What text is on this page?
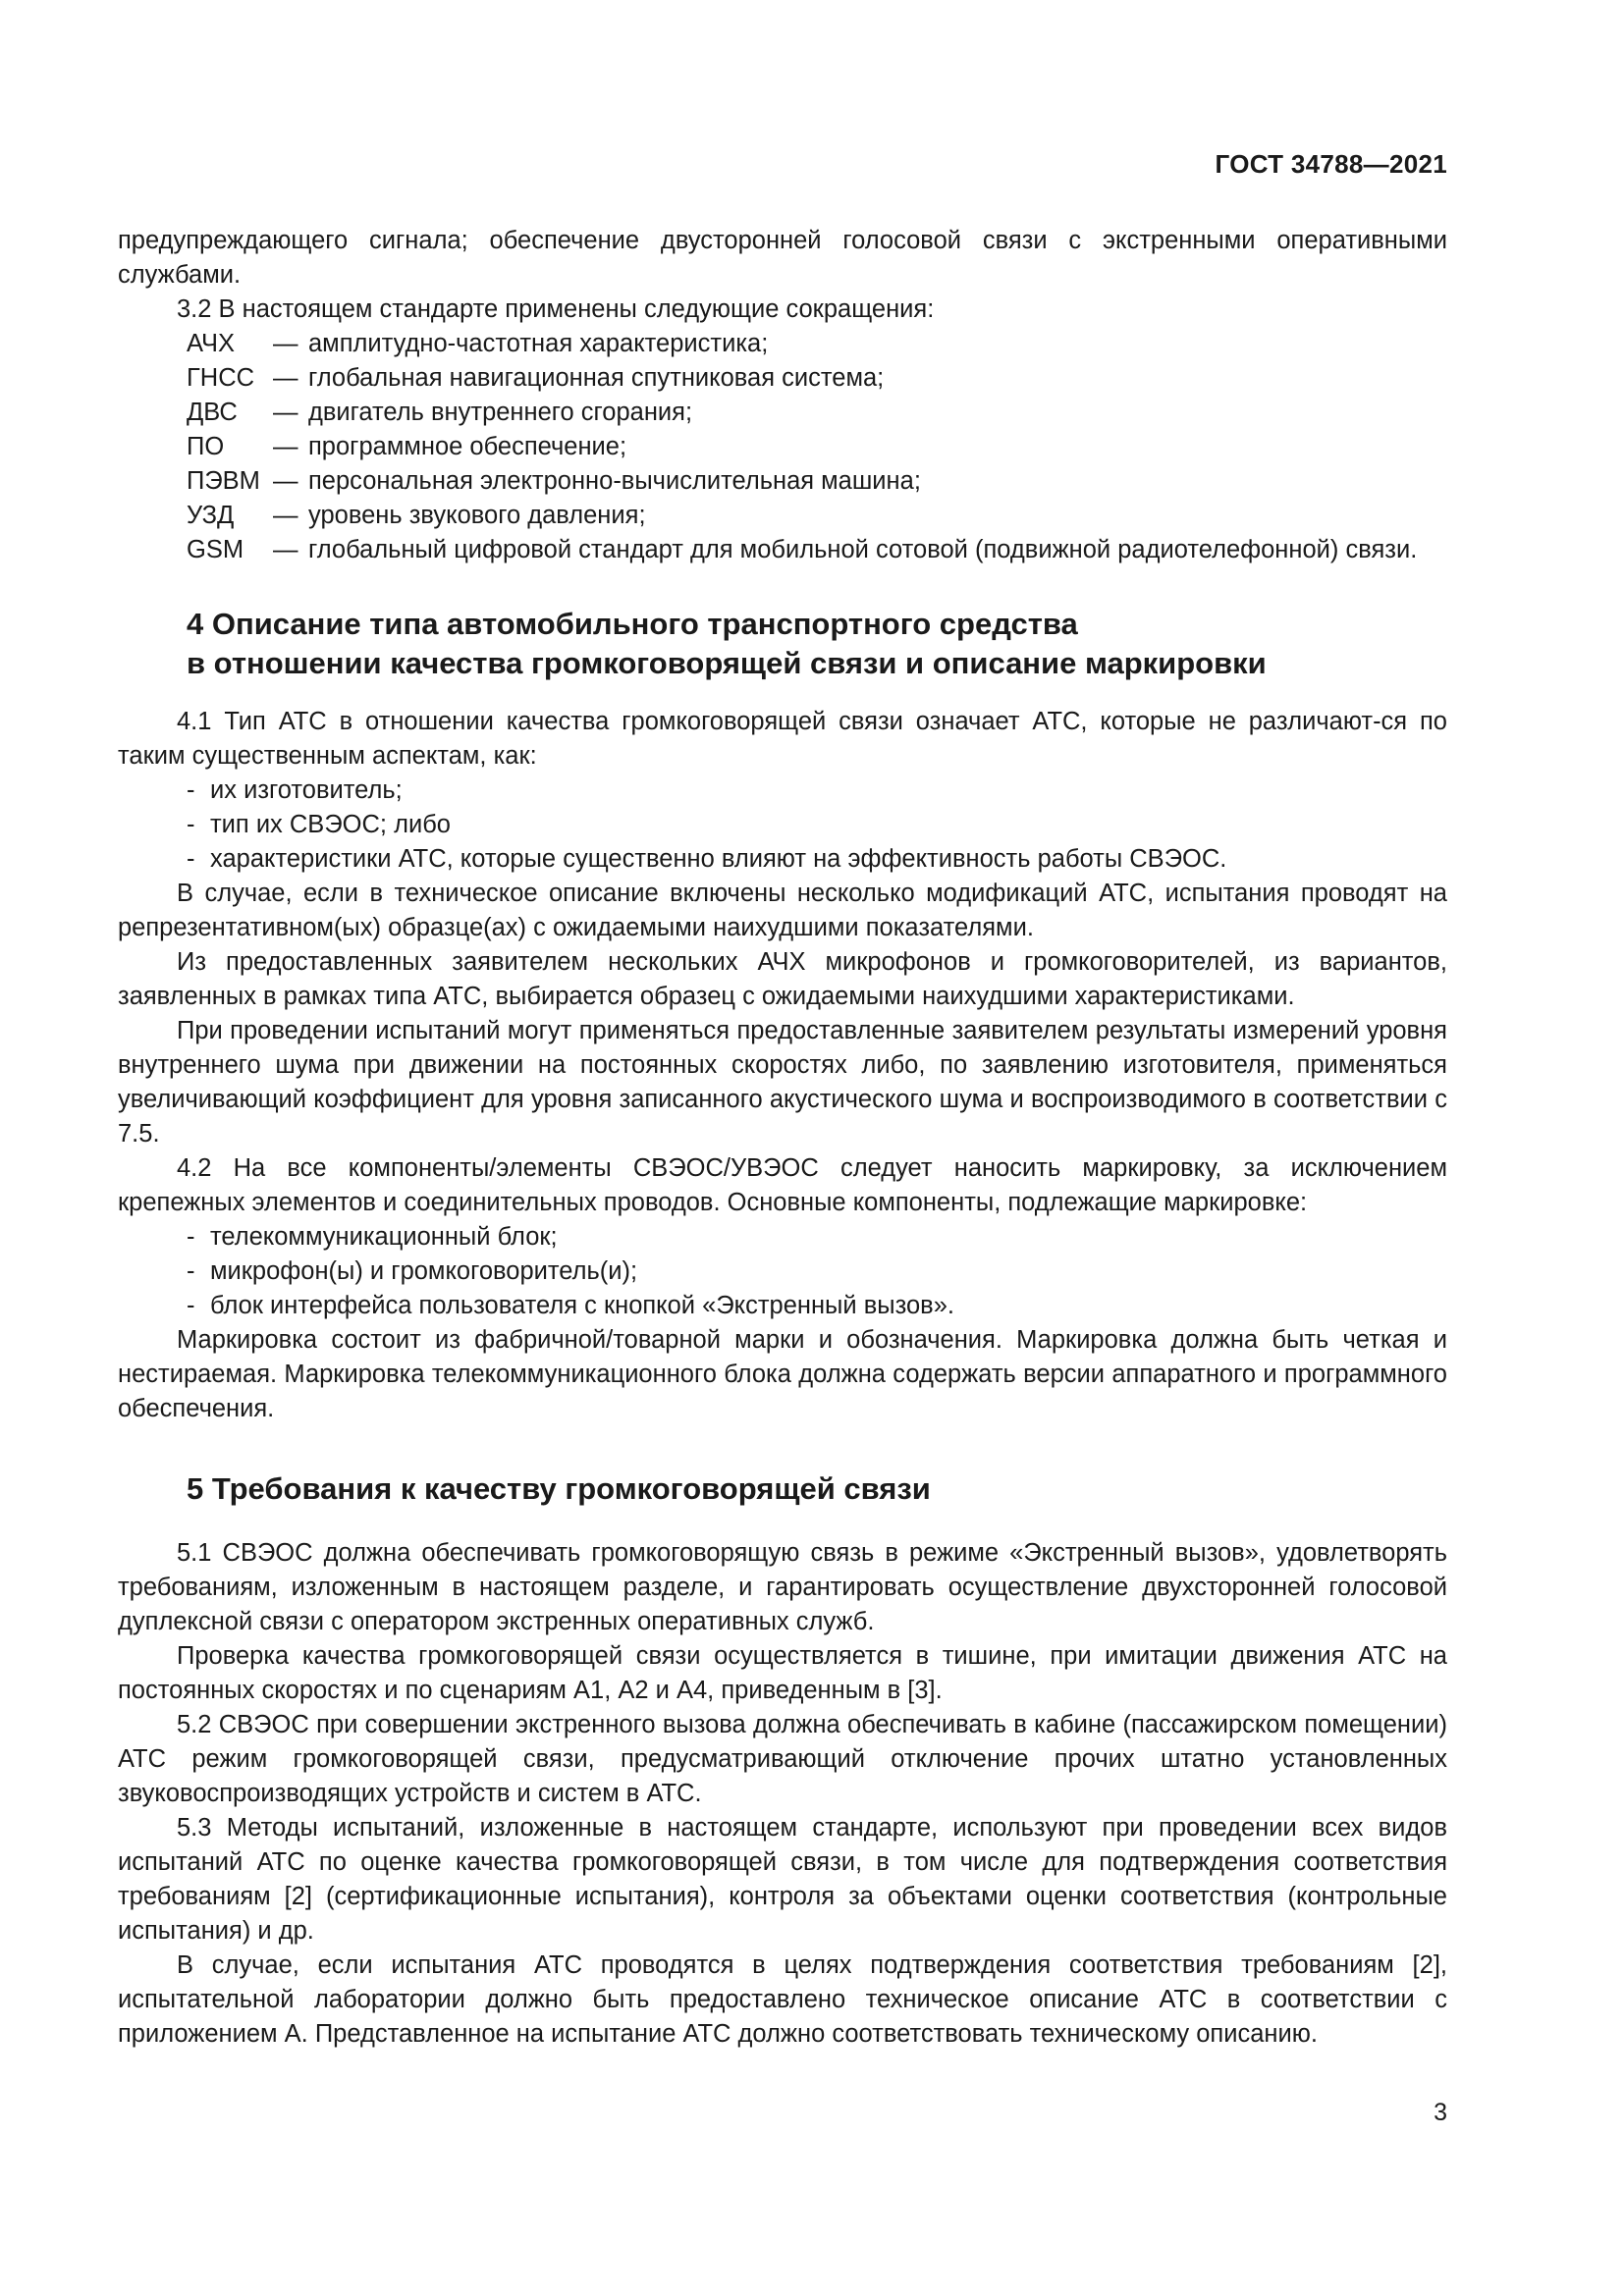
ГОСТ 34788—2021

предупреждающего сигнала; обеспечение двусторонней голосовой связи с экстренными оперативными службами.

3.2 В настоящем стандарте применены следующие сокращения:

АЧХ	— амплитудно-частотная характеристика;
ГНСС — глобальная навигационная спутниковая система;
ДВС	— двигатель внутреннего сгорания;
ПО	— программное обеспечение;
ПЭВМ — персональная электронно-вычислительная машина;
УЗД	— уровень звукового давления;
GSM	— глобальный цифровой стандарт для мобильной сотовой (подвижной радиотелефонной) связи.
4 Описание типа автомобильного транспортного средства
в отношении качества громкоговорящей связи и описание маркировки

4.1 Тип АТС в отношении качества громкоговорящей связи означает АТС, которые не различают-ся по таким существенным аспектам, как:

- их изготовитель;
- тип их СВЭОС; либо
- характеристики АТС, которые существенно влияют на эффективность работы СВЭОС.

В случае, если в техническое описание включены несколько модификаций АТС, испытания проводят на репрезентативном(ых) образце(ах) с ожидаемыми наихудшими показателями.

Из предоставленных заявителем нескольких АЧХ микрофонов и громкоговорителей, из вариантов, заявленных в рамках типа АТС, выбирается образец с ожидаемыми наихудшими характеристиками.

При проведении испытаний могут применяться предоставленные заявителем результаты измерений уровня внутреннего шума при движении на постоянных скоростях либо, по заявлению изготовителя, применяться увеличивающий коэффициент для уровня записанного акустического шума и воспроизводимого в соответствии с 7.5.

4.2 На все компоненты/элементы СВЭОС/УВЭОС следует наносить маркировку, за исключением крепежных элементов и соединительных проводов. Основные компоненты, подлежащие маркировке:

- телекоммуникационный блок;
- микрофон(ы) и громкоговоритель(и);
- блок интерфейса пользователя с кнопкой «Экстренный вызов».

Маркировка состоит из фабричной/товарной марки и обозначения. Маркировка должна быть четкая и нестираемая. Маркировка телекоммуникационного блока должна содержать версии аппаратного и программного обеспечения.

5 Требования к качеству громкоговорящей связи

5.1 СВЭОС должна обеспечивать громкоговорящую связь в режиме «Экстренный вызов», удовлетворять требованиям, изложенным в настоящем разделе, и гарантировать осуществление двухсторонней голосовой дуплексной связи с оператором экстренных оперативных служб.

Проверка качества громкоговорящей связи осуществляется в тишине, при имитации движения АТС на постоянных скоростях и по сценариям А1, А2 и А4, приведенным в [3].

5.2 СВЭОС при совершении экстренного вызова должна обеспечивать в кабине (пассажирском помещении) АТС режим громкоговорящей связи, предусматривающий отключение прочих штатно установленных звуковоспроизводящих устройств и систем в АТС.

5.3 Методы испытаний, изложенные в настоящем стандарте, используют при проведении всех видов испытаний АТС по оценке качества громкоговорящей связи, в том числе для подтверждения соответствия требованиям [2] (сертификационные испытания), контроля за объектами оценки соответствия (контрольные испытания) и др.

В случае, если испытания АТС проводятся в целях подтверждения соответствия требованиям [2], испытательной лаборатории должно быть предоставлено техническое описание АТС в соответствии с приложением А. Представленное на испытание АТС должно соответствовать техническому описанию.

3
